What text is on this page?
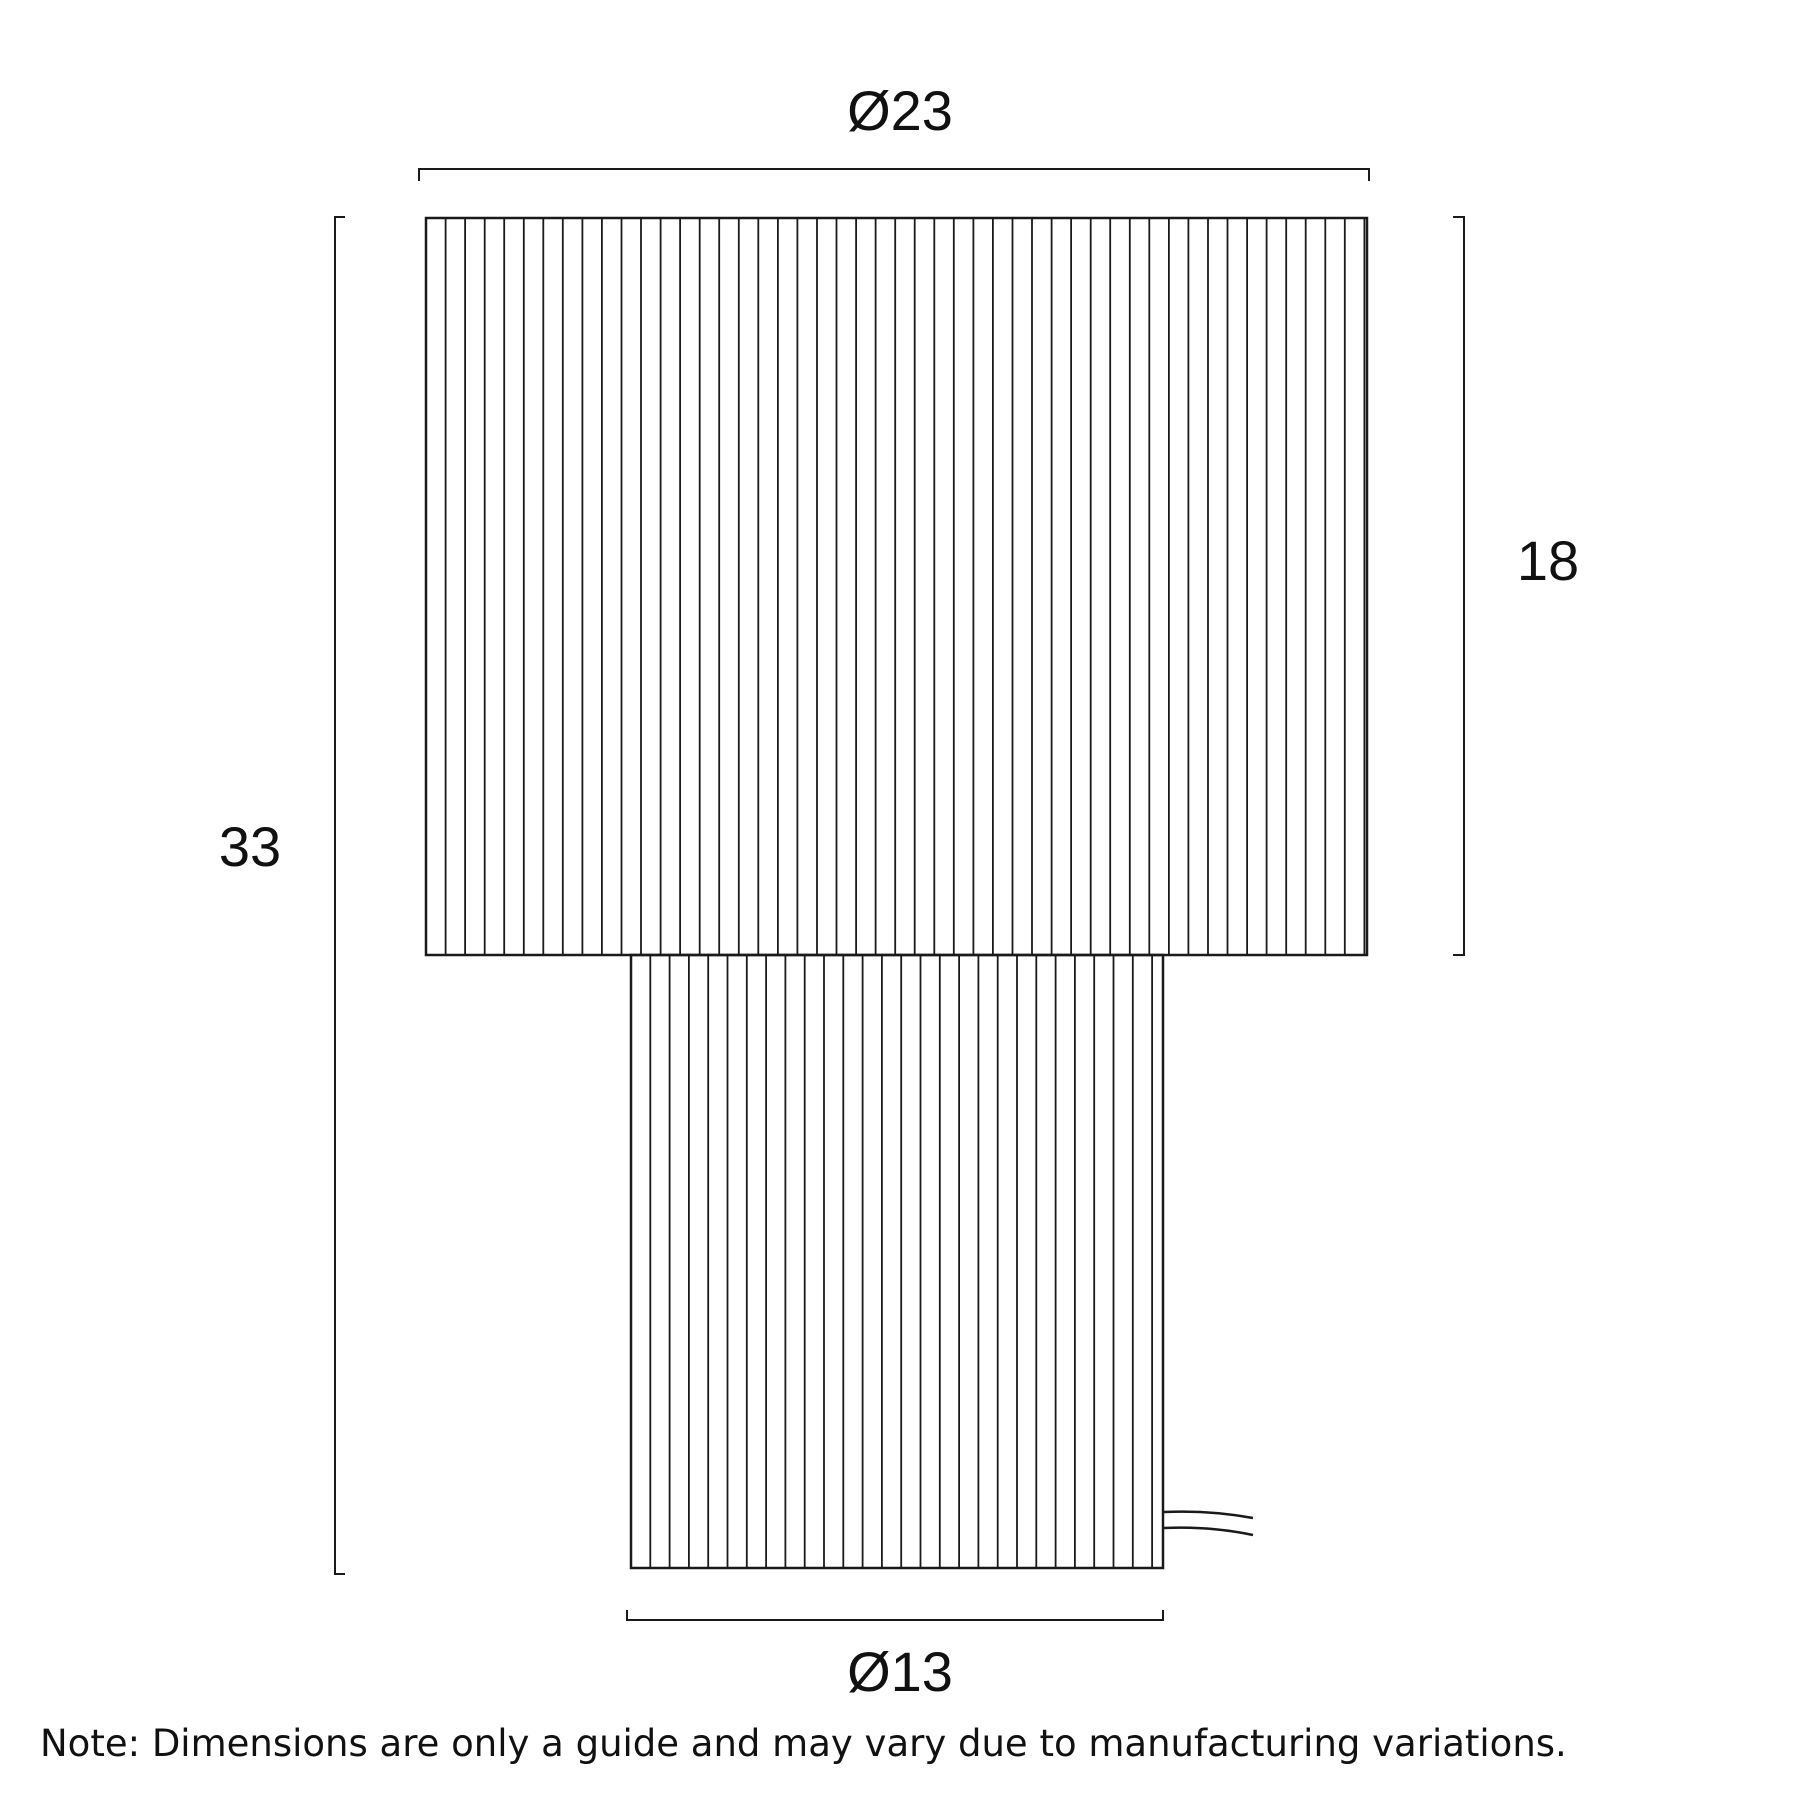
Ø23
33
18
Ø13

Note: Dimensions are only a guide and may vary due to manufacturing variations.
